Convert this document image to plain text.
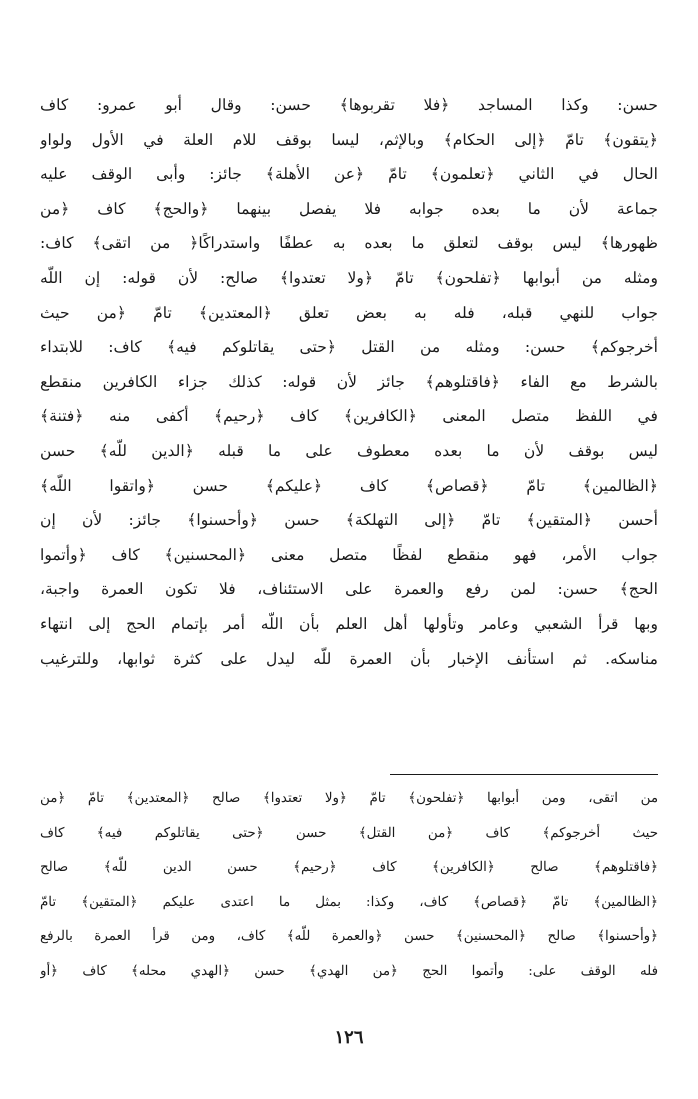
حسن: وكذا المساجد ﴿فلا تقربوها﴾ حسن: وقال أبو عمرو: كاف
﴿يتقون﴾ تامّ ﴿إلى الحكام﴾ وبالإثم، ليسا بوقف للام العلة في الأول ولواو
الحال في الثاني ﴿تعلمون﴾ تامّ ﴿عن الأهلة﴾ جائز: وأبى الوقف عليه
جماعة لأن ما بعده جوابه فلا يفصل بينهما ﴿والحج﴾ كاف ﴿من
ظهورها﴾ ليس بوقف لتعلق ما بعده به عطفًا واستدراكًا﴿ من اتقى﴾ كاف:
ومثله من أبوابها ﴿تفلحون﴾ تامّ ﴿ولا تعتدوا﴾ صالح: لأن قوله: إن اللّه
جواب للنهي قبله، فله به بعض تعلق ﴿المعتدين﴾ تامّ ﴿من حيث
أخرجوكم﴾ حسن: ومثله من القتل ﴿حتى يقاتلوكم فيه﴾ كاف: للابتداء
بالشرط مع الفاء ﴿فاقتلوهم﴾ جائز لأن قوله: كذلك جزاء الكافرين منقطع
في اللفظ متصل المعنى ﴿الكافرين﴾ كاف ﴿رحيم﴾ أكفى منه ﴿فتنة﴾
ليس بوقف لأن ما بعده معطوف على ما قبله ﴿الدين للّه﴾ حسن
﴿الظالمين﴾ تامّ ﴿قصاص﴾ كاف ﴿عليكم﴾ حسن ﴿واتقوا اللّه﴾
أحسن ﴿المتقين﴾ تامّ ﴿إلى التهلكة﴾ حسن ﴿وأحسنوا﴾ جائز: لأن إن
جواب الأمر، فهو منقطع لفظًا متصل معنى ﴿المحسنين﴾ كاف ﴿وأتموا
الحج﴾ حسن: لمن رفع والعمرة على الاستئناف، فلا تكون العمرة واجبة،
وبها قرأ الشعبي وعامر وتأولها أهل العلم بأن اللّه أمر بإتمام الحج إلى انتهاء
مناسكه. ثم استأنف الإخبار بأن العمرة للّه ليدل على كثرة ثوابها، وللترغيب
من اتقى، ومن أبوابها ﴿تفلحون﴾ تامّ ﴿ولا تعتدوا﴾ صالح ﴿المعتدين﴾ تامّ ﴿من
حيث أخرجوكم﴾ كاف ﴿من القتل﴾ حسن ﴿حتى يقاتلوكم فيه﴾ كاف
﴿فاقتلوهم﴾ صالح ﴿الكافرين﴾ كاف ﴿رحيم﴾ حسن الدين للّه﴾ صالح
﴿الظالمين﴾ تامّ ﴿قصاص﴾ كاف، وكذا: بمثل ما اعتدى عليكم ﴿المتقين﴾ تامّ
﴿وأحسنوا﴾ صالح ﴿المحسنين﴾ حسن ﴿والعمرة للّه﴾ كاف، ومن قرأ العمرة بالرفع
فله الوقف على: وأتموا الحج ﴿من الهدي﴾ حسن ﴿الهدي محله﴾ كاف ﴿أو
١٢٦
